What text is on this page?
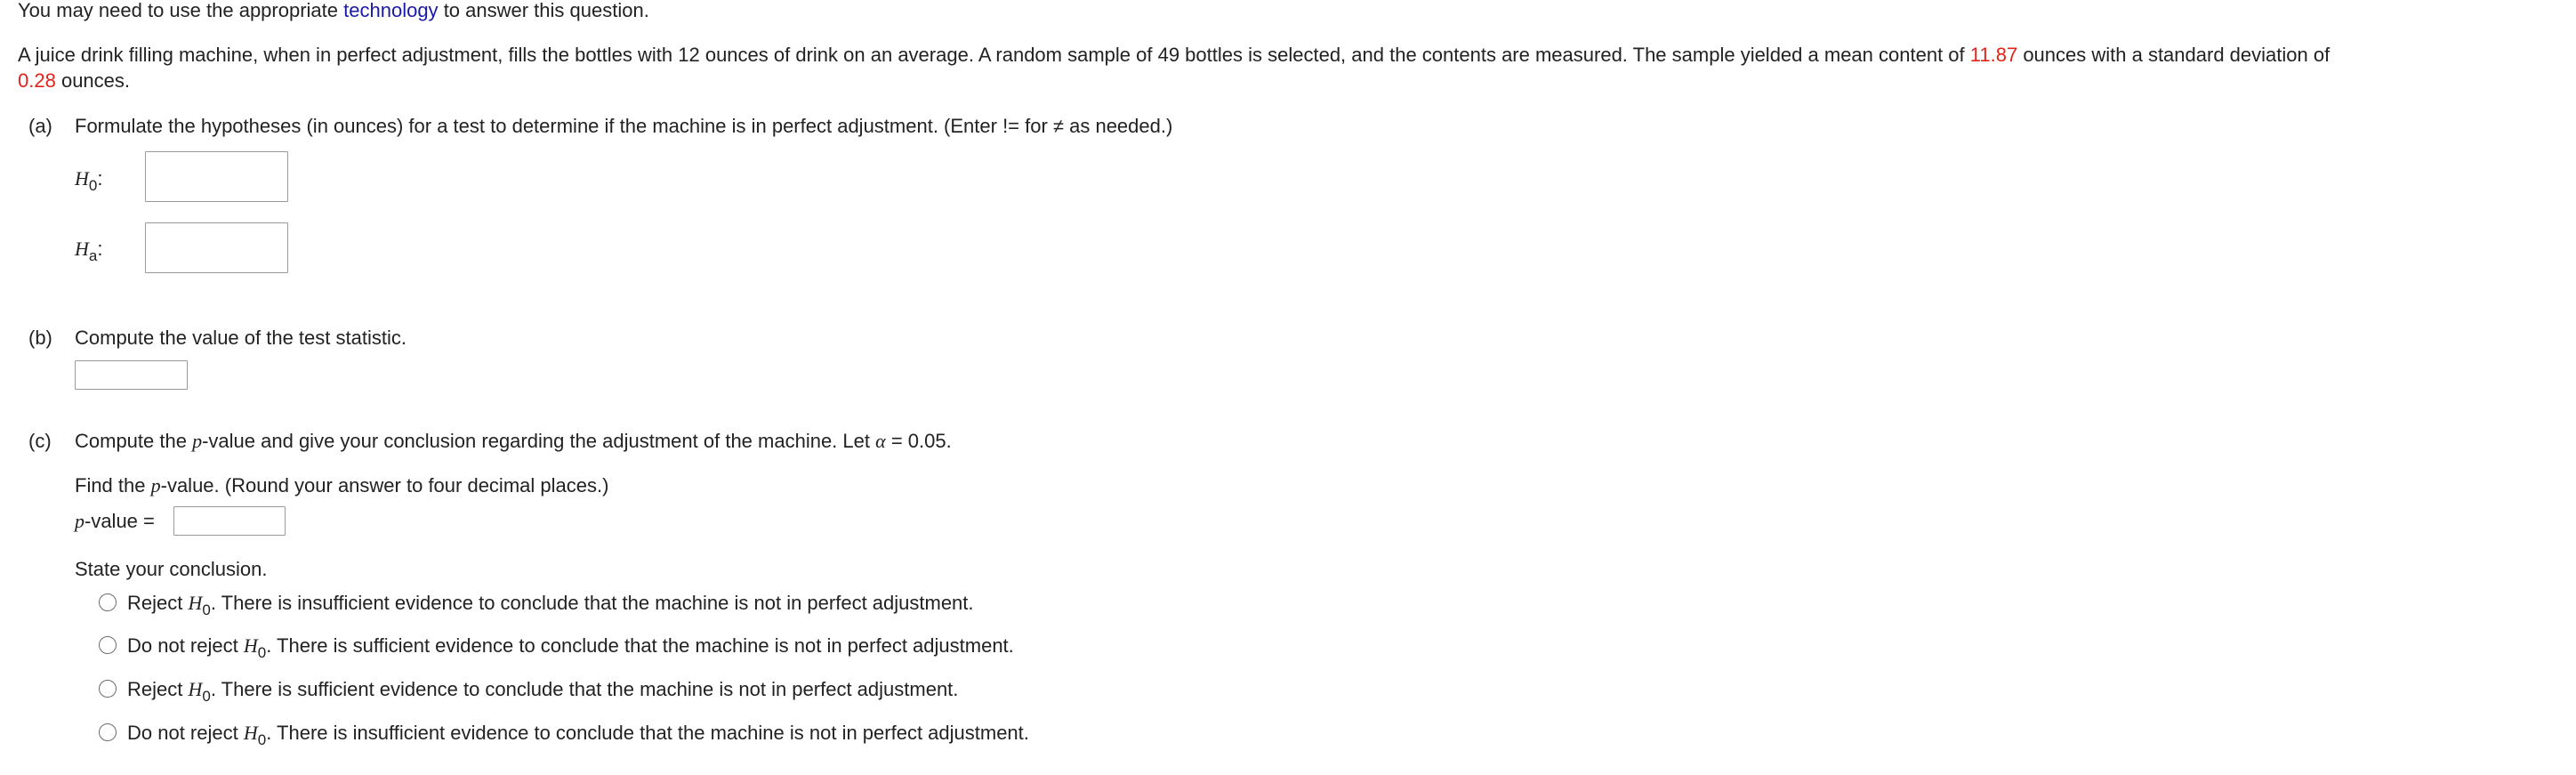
You may need to use the appropriate technology to answer this question.
A juice drink filling machine, when in perfect adjustment, fills the bottles with 12 ounces of drink on an average. A random sample of 49 bottles is selected, and the contents are measured. The sample yielded a mean content of 11.87 ounces with a standard deviation of
0.28 ounces.
(a) Formulate the hypotheses (in ounces) for a test to determine if the machine is in perfect adjustment. (Enter != for ≠ as needed.)
$H_0$:
$H_a$:
(b) Compute the value of the test statistic.
(c) Compute the p-value and give your conclusion regarding the adjustment of the machine. Let α = 0.05.
Find the p-value. (Round your answer to four decimal places.)
p-value =
State your conclusion.
Reject $H_0$. There is insufficient evidence to conclude that the machine is not in perfect adjustment.
Do not reject $H_0$. There is sufficient evidence to conclude that the machine is not in perfect adjustment.
Reject $H_0$. There is sufficient evidence to conclude that the machine is not in perfect adjustment.
Do not reject $H_0$. There is insufficient evidence to conclude that the machine is not in perfect adjustment.
